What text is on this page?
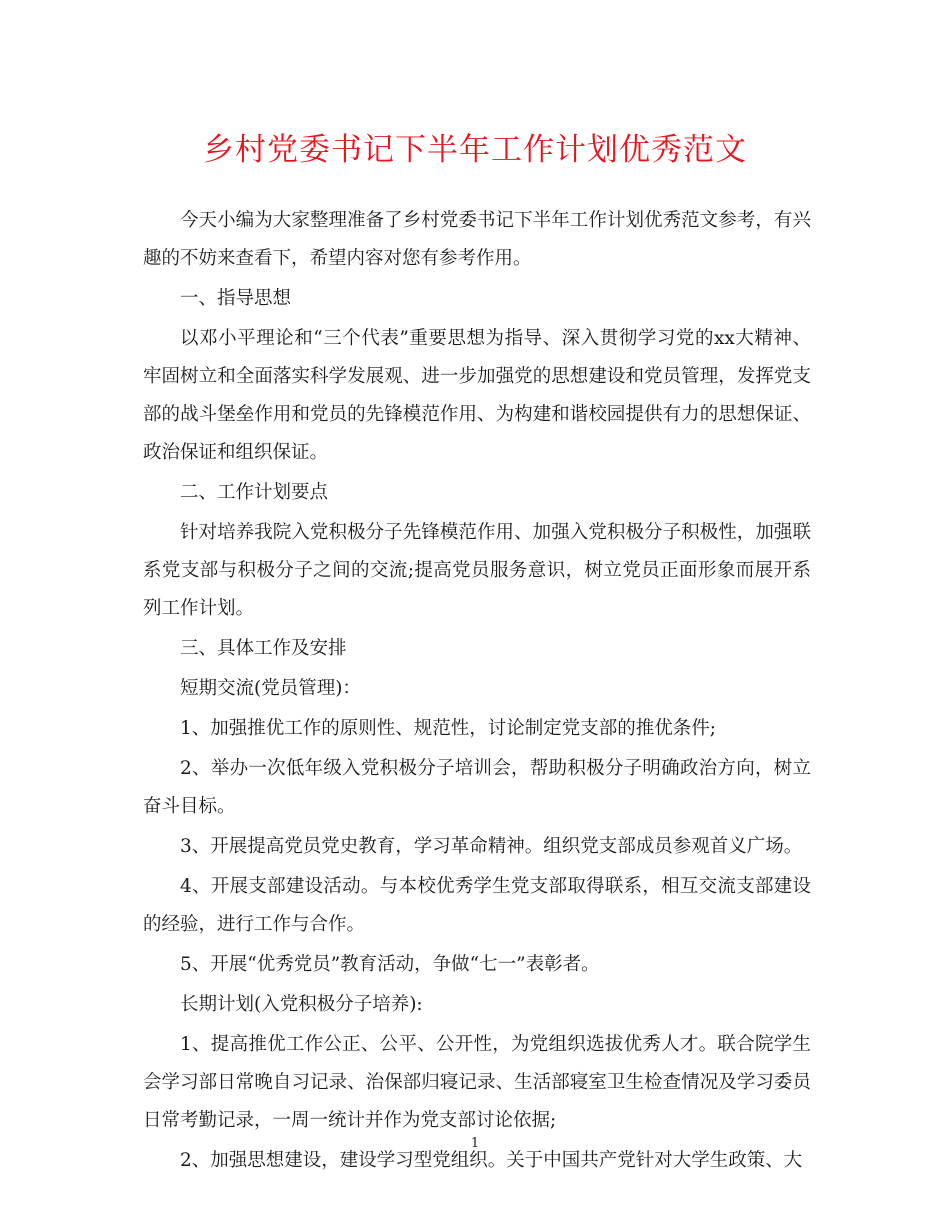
乡村党委书记下半年工作计划优秀范文

今天小编为大家整理准备了乡村党委书记下半年工作计划优秀范文参考，有兴趣的不妨来查看下，希望内容对您有参考作用。

一、指导思想

以邓小平理论和“三个代表”重要思想为指导、深入贯彻学习党的xx大精神、牢固树立和全面落实科学发展观、进一步加强党的思想建设和党员管理，发挥党支部的战斗堡垒作用和党员的先锋模范作用、为构建和谐校园提供有力的思想保证、政治保证和组织保证。

二、工作计划要点

针对培养我院入党积极分子先锋模范作用、加强入党积极分子积极性，加强联系党支部与积极分子之间的交流;提高党员服务意识，树立党员正面形象而展开系列工作计划。

三、具体工作及安排

短期交流(党员管理)：

1、加强推优工作的原则性、规范性，讨论制定党支部的推优条件;

2、举办一次低年级入党积极分子培训会，帮助积极分子明确政治方向，树立奋斗目标。

3、开展提高党员党史教育，学习革命精神。组织党支部成员参观首义广场。

4、开展支部建设活动。与本校优秀学生党支部取得联系，相互交流支部建设的经验，进行工作与合作。

5、开展“优秀党员”教育活动，争做“七一”表彰者。

长期计划(入党积极分子培养):

1、提高推优工作公正、公平、公开性，为党组织选拔优秀人才。联合院学生会学习部日常晚自习记录、治保部归寝记录、生活部寝室卫生检查情况及学习委员日常考勤记录，一周一统计并作为党支部讨论依据;

2、加强思想建设，建设学习型党组织。关于中国共产党针对大学生政策、大

1
